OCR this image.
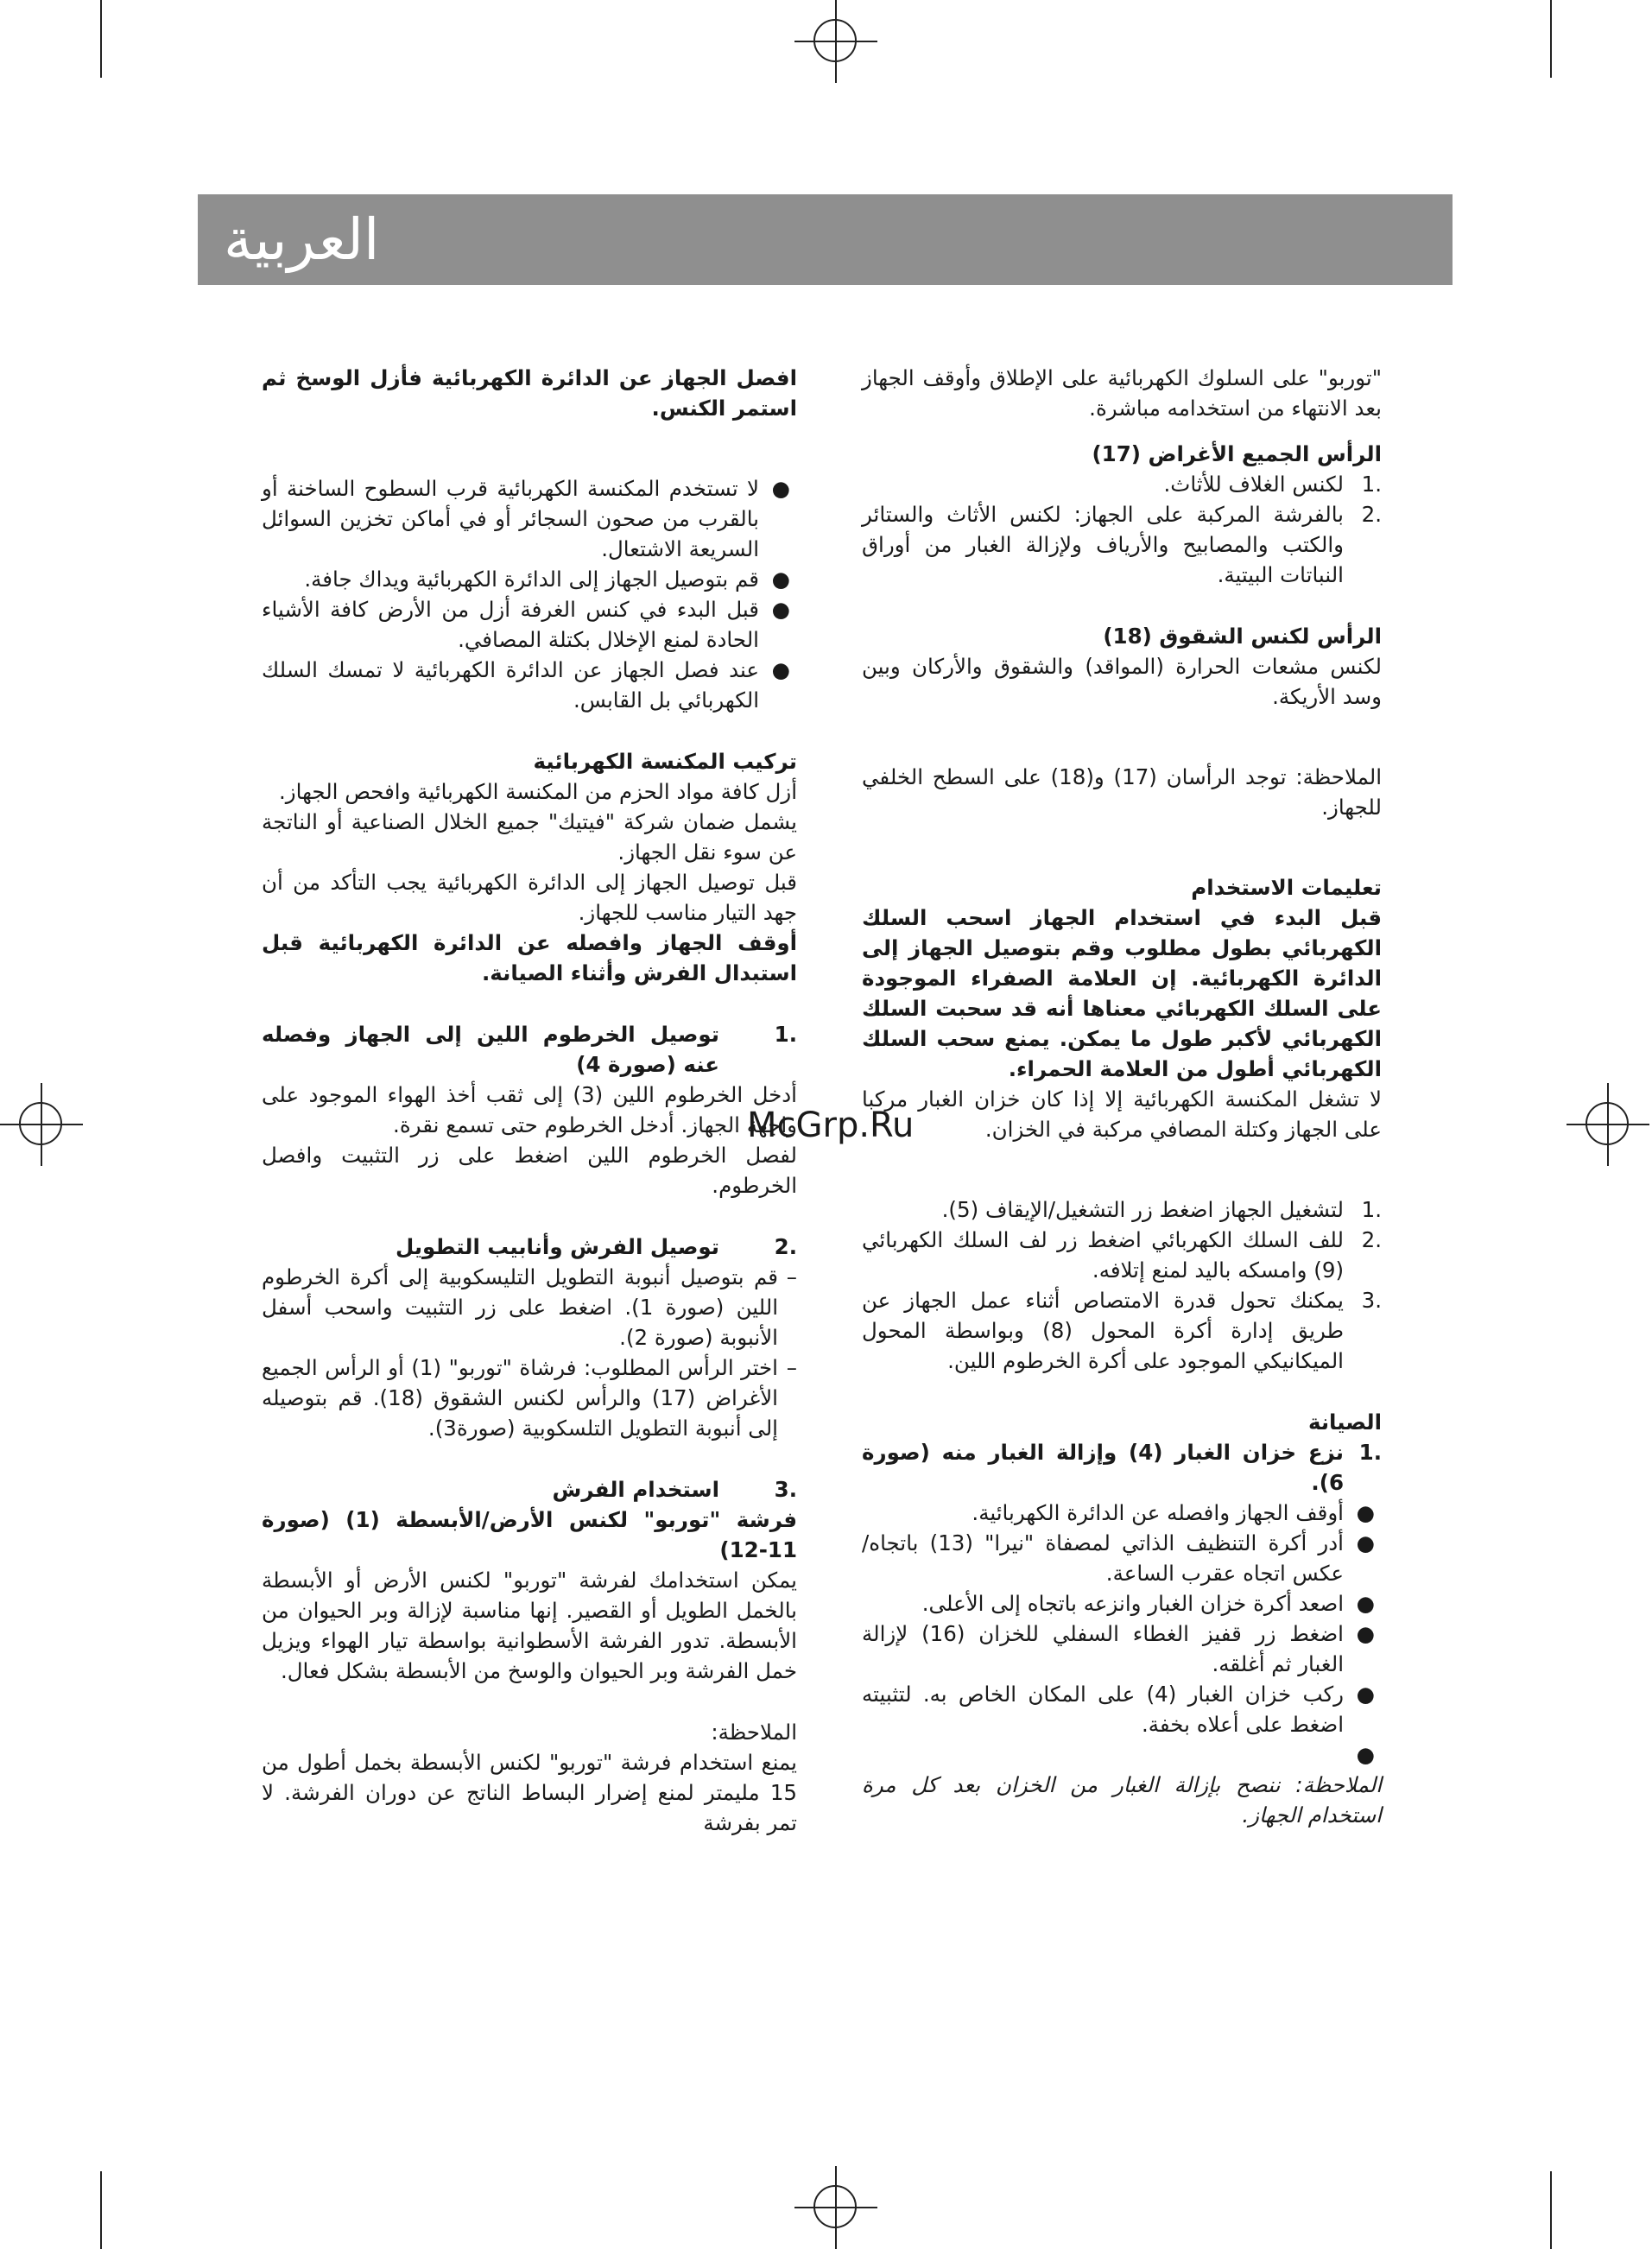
العربية

"توربو" على السلوك الكهربائية على الإطلاق وأوقف الجهاز بعد الانتهاء من استخدامه مباشرة.

الرأس الجميع الأغراض (17)

.1
لكنس الغلاف للأثاث.
.2
بالفرشة المركبة على الجهاز: لكنس الأثاث والستائر والكتب والمصابيح والأرياف ولإزالة الغبار من أوراق النباتات البيتية.

الرأس لكنس الشقوق (18)

لكنس مشعات الحرارة (المواقد) والشقوق والأركان وبين وسد الأريكة.

الملاحظة: توجد الرأسان (17) و(18) على السطح الخلفي للجهاز.

تعليمات الاستخدام

قبل البدء في استخدام الجهاز اسحب السلك الكهربائي بطول مطلوب وقم بتوصيل الجهاز إلى الدائرة الكهربائية. إن العلامة الصفراء الموجودة على السلك الكهربائي معناها أنه قد سحبت السلك الكهربائي لأكبر طول ما يمكن. يمنع سحب السلك الكهربائي أطول من العلامة الحمراء.

لا تشغل المكنسة الكهربائية إلا إذا كان خزان الغبار مركبا على الجهاز وكتلة المصافي مركبة في الخزان.

.1
لتشغيل الجهاز اضغط زر التشغيل/الإيقاف (5).
.2
للف السلك الكهربائي اضغط زر لف السلك الكهربائي (9) وامسكه باليد لمنع إتلافه.
.3
يمكنك تحول قدرة الامتصاص أثناء عمل الجهاز عن طريق إدارة أكرة المحول (8) وبواسطة المحول الميكانيكي الموجود على أكرة الخرطوم اللين.

الصيانة

.1
نزع خزان الغبار (4) وإزالة الغبار منه (صورة 6).
●
أوقف الجهاز وافصله عن الدائرة الكهربائية.
●
أدر أكرة التنظيف الذاتي لمصفاة "نيرا" (13) باتجاه/عكس اتجاه عقرب الساعة.
●
اصعد أكرة خزان الغبار وانزعه باتجاه إلى الأعلى.
●
اضغط زر قفيز الغطاء السفلي للخزان (16) لإزالة الغبار ثم أغلقه.
●
ركب خزان الغبار (4) على المكان الخاص به. لتثبيته اضغط على أعلاه بخفة.
●

الملاحظة: ننصح بإزالة الغبار من الخزان بعد كل مرة استخدام الجهاز.

افصل الجهاز عن الدائرة الكهربائية فأزل الوسخ ثم استمر الكنس.

●
لا تستخدم المكنسة الكهربائية قرب السطوح الساخنة أو بالقرب من صحون السجائر أو في أماكن تخزين السوائل السريعة الاشتعال.
●
قم بتوصيل الجهاز إلى الدائرة الكهربائية ويداك جافة.
●
قبل البدء في كنس الغرفة أزل من الأرض كافة الأشياء الحادة لمنع الإخلال بكتلة المصافي.
●
عند فصل الجهاز عن الدائرة الكهربائية لا تمسك السلك الكهربائي بل القابس.

تركيب المكنسة الكهربائية

أزل كافة مواد الحزم من المكنسة الكهربائية وافحص الجهاز.

يشمل ضمان شركة "فيتيك" جميع الخلال الصناعية أو الناتجة عن سوء نقل الجهاز.

قبل توصيل الجهاز إلى الدائرة الكهربائية يجب التأكد من أن جهد التيار مناسب للجهاز.

أوقف الجهاز وافصله عن الدائرة الكهربائية قبل استبدال الفرش وأثناء الصيانة.

.1

توصيل الخرطوم اللين إلى الجهاز وفصله عنه (صورة 4)

أدخل الخرطوم اللين (3) إلى ثقب أخذ الهواء الموجود على واجهة الجهاز. أدخل الخرطوم حتى تسمع نقرة.

لفصل الخرطوم اللين اضغط على زر التثبيت وافصل الخرطوم.

.2

توصيل الفرش وأنابيب التطويل

–
قم بتوصيل أنبوبة التطويل التليسكوبية إلى أكرة الخرطوم اللين (صورة 1). اضغط على زر التثبيت واسحب أسفل الأنبوبة (صورة 2).
–
اختر الرأس المطلوب: فرشاة "توربو" (1) أو الرأس الجميع الأغراض (17) والرأس لكنس الشقوق (18). قم بتوصيله إلى أنبوبة التطويل التلسكوبية (صورة3).
.3

استخدام الفرش

فرشة "توربو" لكنس الأرض/الأبسطة (1) (صورة 11-12)

يمكن استخدامك لفرشة "توربو" لكنس الأرض أو الأبسطة بالخمل الطويل أو القصير. إنها مناسبة لإزالة وبر الحيوان من الأبسطة. تدور الفرشة الأسطوانية بواسطة تيار الهواء ويزيل خمل الفرشة وبر الحيوان والوسخ من الأبسطة بشكل فعال.

الملاحظة:

يمنع استخدام فرشة "توربو" لكنس الأبسطة بخمل أطول من 15 مليمتر لمنع إضرار البساط الناتج عن دوران الفرشة. لا تمر بفرشة

McGrp.Ru
